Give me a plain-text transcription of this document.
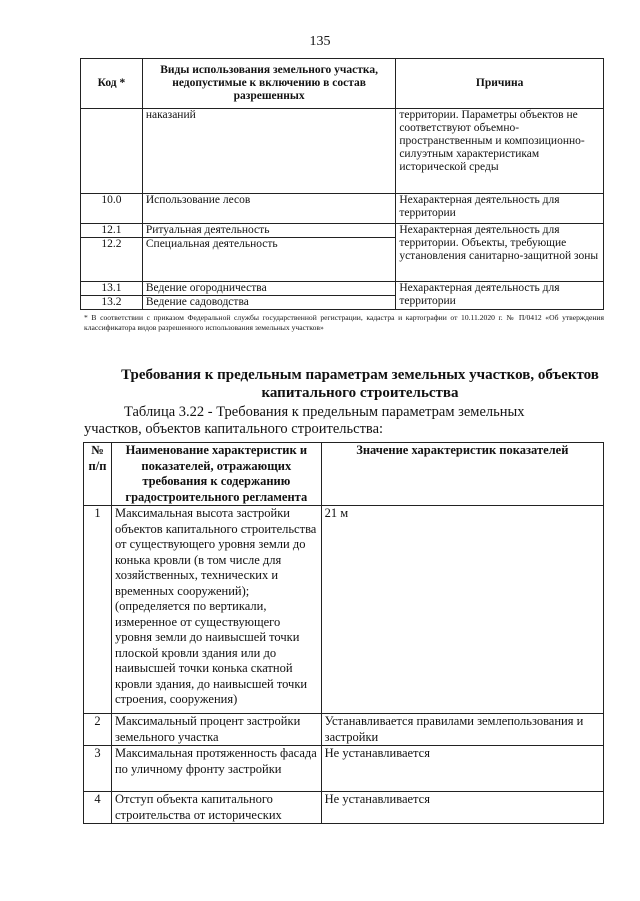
135
Код *	Виды использования земельного участка, недопустимые к включению в состав разрешенных	Причина
	наказаний	территории. Параметры объектов не соответствуют объемно-пространственным и композиционно-силуэтным характеристикам исторической среды
10.0	Использование лесов	Нехарактерная деятельность для территории
12.1	Ритуальная деятельность	Нехарактерная деятельность для территории. Объекты, требующие установления санитарно-защитной зоны
12.2	Специальная деятельность	
13.1	Ведение огородничества	Нехарактерная деятельность для территории
13.2	Ведение садоводства	
* В соответствии с приказом Федеральной службы государственной регистрации, кадастра и картографии от 10.11.2020 г. № П/0412 «Об утверждения классификатора видов разрешенного использования земельных участков»
Требования к предельным параметрам земельных участков, объектов капитального строительства
Таблица 3.22 - Требования к предельным параметрам земельных
участков, объектов капитального строительства:
№ п/п	Наименование характеристик и показателей, отражающих требования к содержанию градостроительного регламента	Значение характеристик показателей
1	Максимальная высота застройки объектов капитального строительства от существующего уровня земли до конька кровли (в том числе для хозяйственных, технических и временных сооружений); (определяется по вертикали, измеренное от существующего уровня земли до наивысшей точки плоской кровли здания или до наивысшей точки конька скатной кровли здания, до наивысшей точки строения, сооружения)	21 м
2	Максимальный процент застройки земельного участка	Устанавливается правилами землепользования и застройки
3	Максимальная протяженность фасада по уличному фронту застройки	Не устанавливается
4	Отступ объекта капитального строительства от исторических	Не устанавливается
